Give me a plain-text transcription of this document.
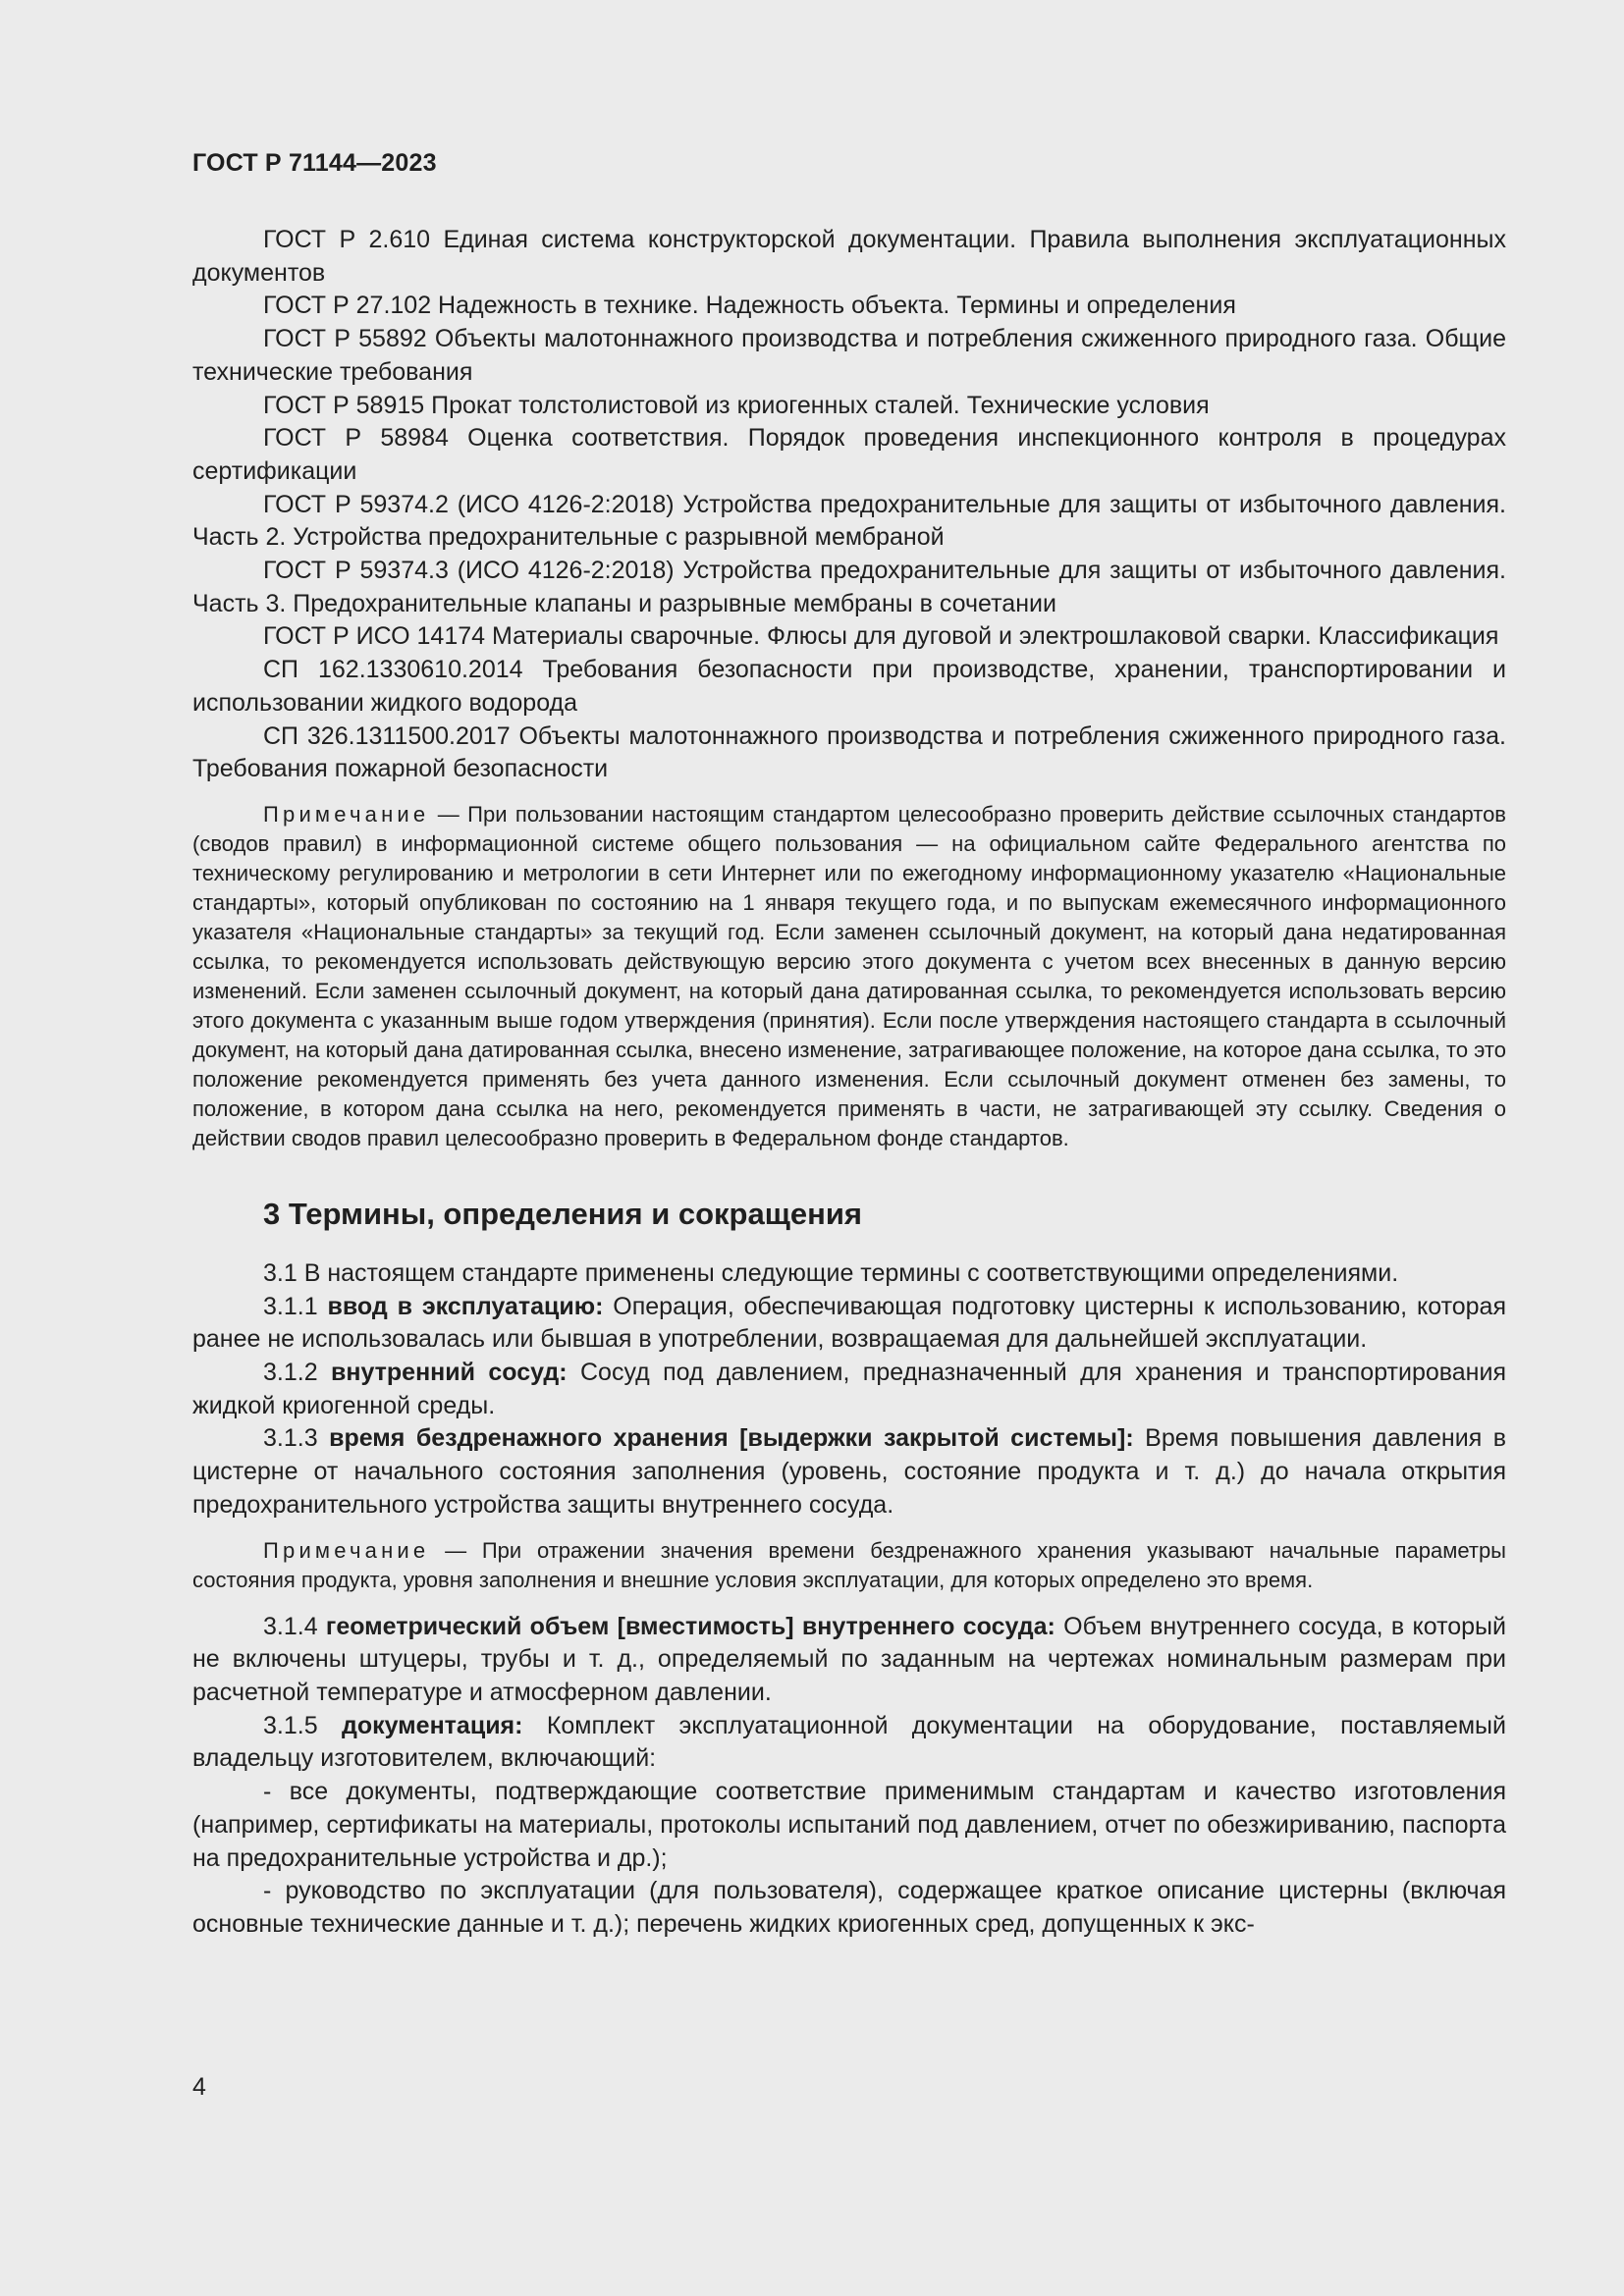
ГОСТ Р 71144—2023

ГОСТ Р 2.610 Единая система конструкторской документации. Правила выполнения эксплуатационных документов

ГОСТ Р 27.102 Надежность в технике. Надежность объекта. Термины и определения

ГОСТ Р 55892 Объекты малотоннажного производства и потребления сжиженного природного газа. Общие технические требования

ГОСТ Р 58915 Прокат толстолистовой из криогенных сталей. Технические условия

ГОСТ Р 58984 Оценка соответствия. Порядок проведения инспекционного контроля в процедурах сертификации

ГОСТ Р 59374.2 (ИСО 4126-2:2018) Устройства предохранительные для защиты от избыточного давления. Часть 2. Устройства предохранительные с разрывной мембраной

ГОСТ Р 59374.3 (ИСО 4126-2:2018) Устройства предохранительные для защиты от избыточного давления. Часть 3. Предохранительные клапаны и разрывные мембраны в сочетании

ГОСТ Р ИСО 14174 Материалы сварочные. Флюсы для дуговой и электрошлаковой сварки. Классификация

СП 162.1330610.2014 Требования безопасности при производстве, хранении, транспортировании и использовании жидкого водорода

СП 326.1311500.2017 Объекты малотоннажного производства и потребления сжиженного природного газа. Требования пожарной безопасности

Примечание — При пользовании настоящим стандартом целесообразно проверить действие ссылочных стандартов (сводов правил) в информационной системе общего пользования — на официальном сайте Федерального агентства по техническому регулированию и метрологии в сети Интернет или по ежегодному информационному указателю «Национальные стандарты», который опубликован по состоянию на 1 января текущего года, и по выпускам ежемесячного информационного указателя «Национальные стандарты» за текущий год. Если заменен ссылочный документ, на который дана недатированная ссылка, то рекомендуется использовать действующую версию этого документа с учетом всех внесенных в данную версию изменений. Если заменен ссылочный документ, на который дана датированная ссылка, то рекомендуется использовать версию этого документа с указанным выше годом утверждения (принятия). Если после утверждения настоящего стандарта в ссылочный документ, на который дана датированная ссылка, внесено изменение, затрагивающее положение, на которое дана ссылка, то это положение рекомендуется применять без учета данного изменения. Если ссылочный документ отменен без замены, то положение, в котором дана ссылка на него, рекомендуется применять в части, не затрагивающей эту ссылку. Сведения о действии сводов правил целесообразно проверить в Федеральном фонде стандартов.

3 Термины, определения и сокращения

3.1 В настоящем стандарте применены следующие термины с соответствующими определениями.

3.1.1 ввод в эксплуатацию: Операция, обеспечивающая подготовку цистерны к использованию, которая ранее не использовалась или бывшая в употреблении, возвращаемая для дальнейшей эксплуатации.

3.1.2 внутренний сосуд: Сосуд под давлением, предназначенный для хранения и транспортирования жидкой криогенной среды.

3.1.3 время бездренажного хранения [выдержки закрытой системы]: Время повышения давления в цистерне от начального состояния заполнения (уровень, состояние продукта и т. д.) до начала открытия предохранительного устройства защиты внутреннего сосуда.

Примечание — При отражении значения времени бездренажного хранения указывают начальные параметры состояния продукта, уровня заполнения и внешние условия эксплуатации, для которых определено это время.

3.1.4 геометрический объем [вместимость] внутреннего сосуда: Объем внутреннего сосуда, в который не включены штуцеры, трубы и т. д., определяемый по заданным на чертежах номинальным размерам при расчетной температуре и атмосферном давлении.

3.1.5 документация: Комплект эксплуатационной документации на оборудование, поставляемый владельцу изготовителем, включающий:

- все документы, подтверждающие соответствие применимым стандартам и качество изготовления (например, сертификаты на материалы, протоколы испытаний под давлением, отчет по обезжириванию, паспорта на предохранительные устройства и др.);

- руководство по эксплуатации (для пользователя), содержащее краткое описание цистерны (включая основные технические данные и т. д.); перечень жидких криогенных сред, допущенных к экс-

4
